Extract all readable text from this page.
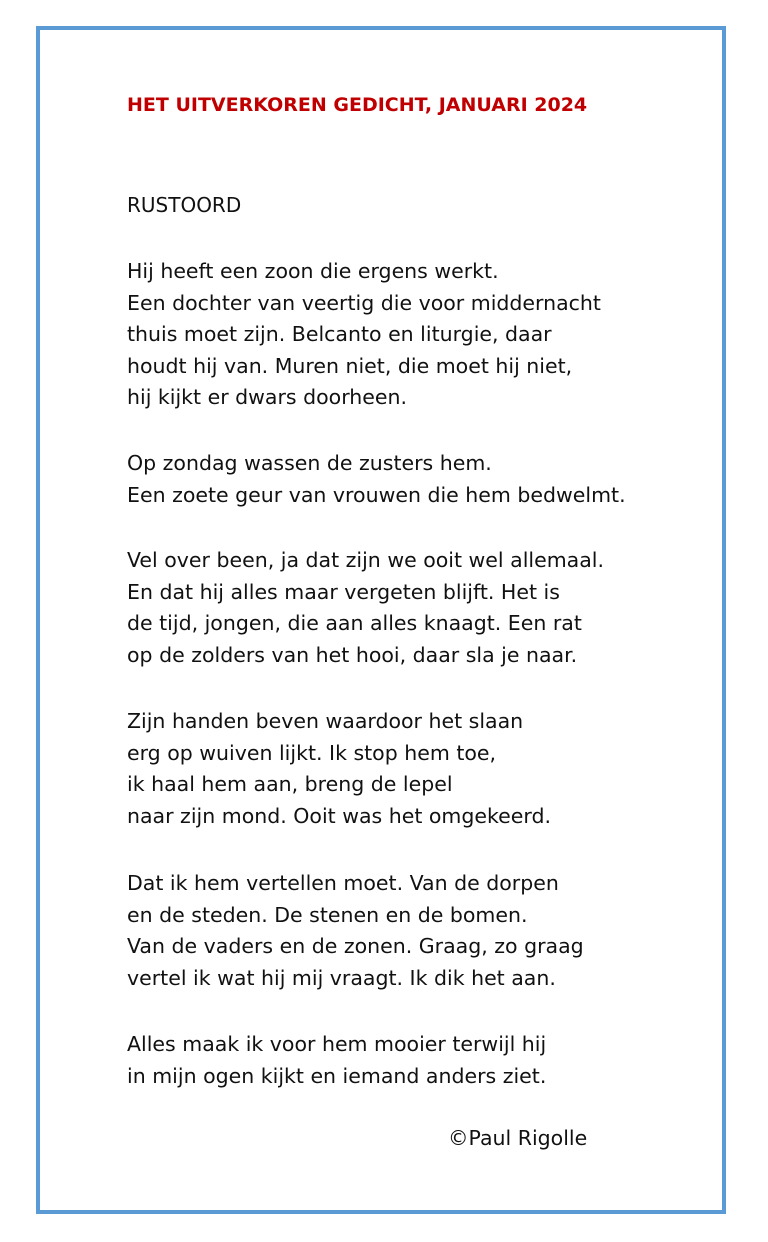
HET UITVERKOREN GEDICHT, JANUARI 2024
RUSTOORD
Hij heeft een zoon die ergens werkt.
Een dochter van veertig die voor middernacht
thuis moet zijn. Belcanto en liturgie, daar
houdt hij van. Muren niet, die moet hij niet,
hij kijkt er dwars doorheen.
Op zondag wassen de zusters hem.
Een zoete geur van vrouwen die hem bedwelmt.
Vel over been, ja dat zijn we ooit wel allemaal.
En dat hij alles maar vergeten blijft. Het is
de tijd, jongen, die aan alles knaagt. Een rat
op de zolders van het hooi, daar sla je naar.
Zijn handen beven waardoor het slaan
erg op wuiven lijkt. Ik stop hem toe,
ik haal hem aan, breng de lepel
naar zijn mond. Ooit was het omgekeerd.
Dat ik hem vertellen moet. Van de dorpen
en de steden. De stenen en de bomen.
Van de vaders en de zonen. Graag, zo graag
vertel ik wat hij mij vraagt. Ik dik het aan.
Alles maak ik voor hem mooier terwijl hij
in mijn ogen kijkt en iemand anders ziet.
©Paul Rigolle
